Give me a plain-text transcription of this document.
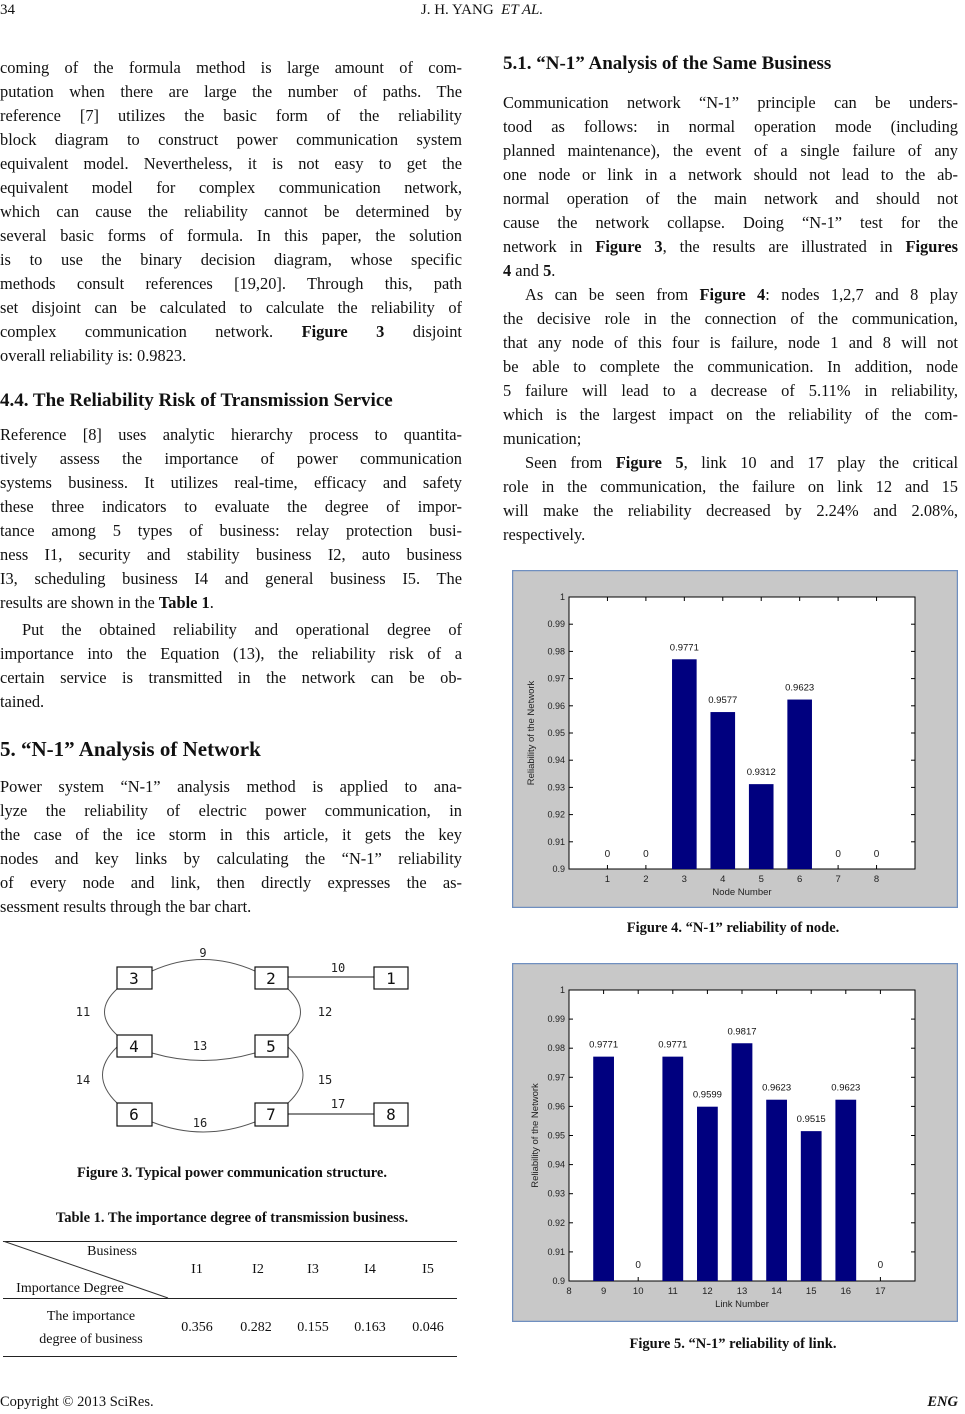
34	J. H. YANG ET AL.
coming of the formula method is large amount of com-
putation when there are large the number of paths. The
reference [7] utilizes the basic form of the reliability
block diagram to construct power communication system
equivalent model. Nevertheless, it is not easy to get the
equivalent model for complex communication network,
which can cause the reliability cannot be determined by
several basic forms of formula. In this paper, the solution
is to use the binary decision diagram, whose specific
methods consult references [19,20]. Through this, path
set disjoint can be calculated to calculate the reliability of
complex communication network. Figure 3 disjoint
overall reliability is: 0.9823.
4.4. The Reliability Risk of Transmission Service
Reference [8] uses analytic hierarchy process to quantita-
tively assess the importance of power communication
systems business. It utilizes real-time, efficacy and safety
these three indicators to evaluate the degree of impor-
tance among 5 types of business: relay protection busi-
ness I1, security and stability business I2, auto business
I3, scheduling business I4 and general business I5. The
results are shown in the Table 1.
Put the obtained reliability and operational degree of
importance into the Equation (13), the reliability risk of a
certain service is transmitted in the network can be ob-
tained.
5. “N-1” Analysis of Network
Power system “N-1” analysis method is applied to ana-
lyze the reliability of electric power communication, in
the case of the ice storm in this article, it gets the key
nodes and key links by calculating the “N-1” reliability
of every node and link, then directly expresses the as-
sessment results through the bar chart.
1
2
3
4	5
6	7	8
9
10
11	12
13
14	15
16
17
Figure 3. Typical power communication structure.
Table 1. The importance degree of transmission business.
Business
Importance Degree
I1	I2	I3	I4	I5
The importance
degree of business
0.356 0.282 0.155 0.163 0.046
5.1. “N-1” Analysis of the Same Business
Communication network “N-1” principle can be unders-
tood as follows: in normal operation mode (including
planned maintenance), the event of a single failure of any
one node or link in a network should not lead to the ab-
normal operation of the main network and should not
cause the network collapse. Doing “N-1” test for the
network in Figure 3, the results are illustrated in Figures
4 and 5.
As can be seen from Figure 4: nodes 1,2,7 and 8 play
the decisive role in the connection of the communication,
that any node of this four is failure, node 1 and 8 will not
be able to complete the communication. In addition, node
5 failure will lead to a decrease of 5.11% in reliability,
which is the largest impact on the reliability of the com-
munication;
Seen from Figure 5, link 10 and 17 play the critical
role in the communication, the failure on link 12 and 15
will make the reliability decreased by 2.24% and 2.08%,
respectively.
0.9
0.91
0.92
0.93
0.94
0.95
0.96
0.97
0.98
0.99
1
1	2	3	4	5	6	7	8
0	0
0.9771
0.9577
0.9312
0.9623
0	0
Node Number
Reliability of the Network
Figure 4. “N-1” reliability of node.
0.9
0.91
0.92
0.93
0.94
0.95
0.96
0.97
0.98
0.99
1
8	9	10	11	12	13	14	15	16	17
0.9771
0
0.9771
0.9599
0.9817
0.9623
0.9515
0.9623
0
Link Number
Reliability of the Network
Figure 5. “N-1” reliability of link.
Copyright © 2013 SciRes.	ENG
